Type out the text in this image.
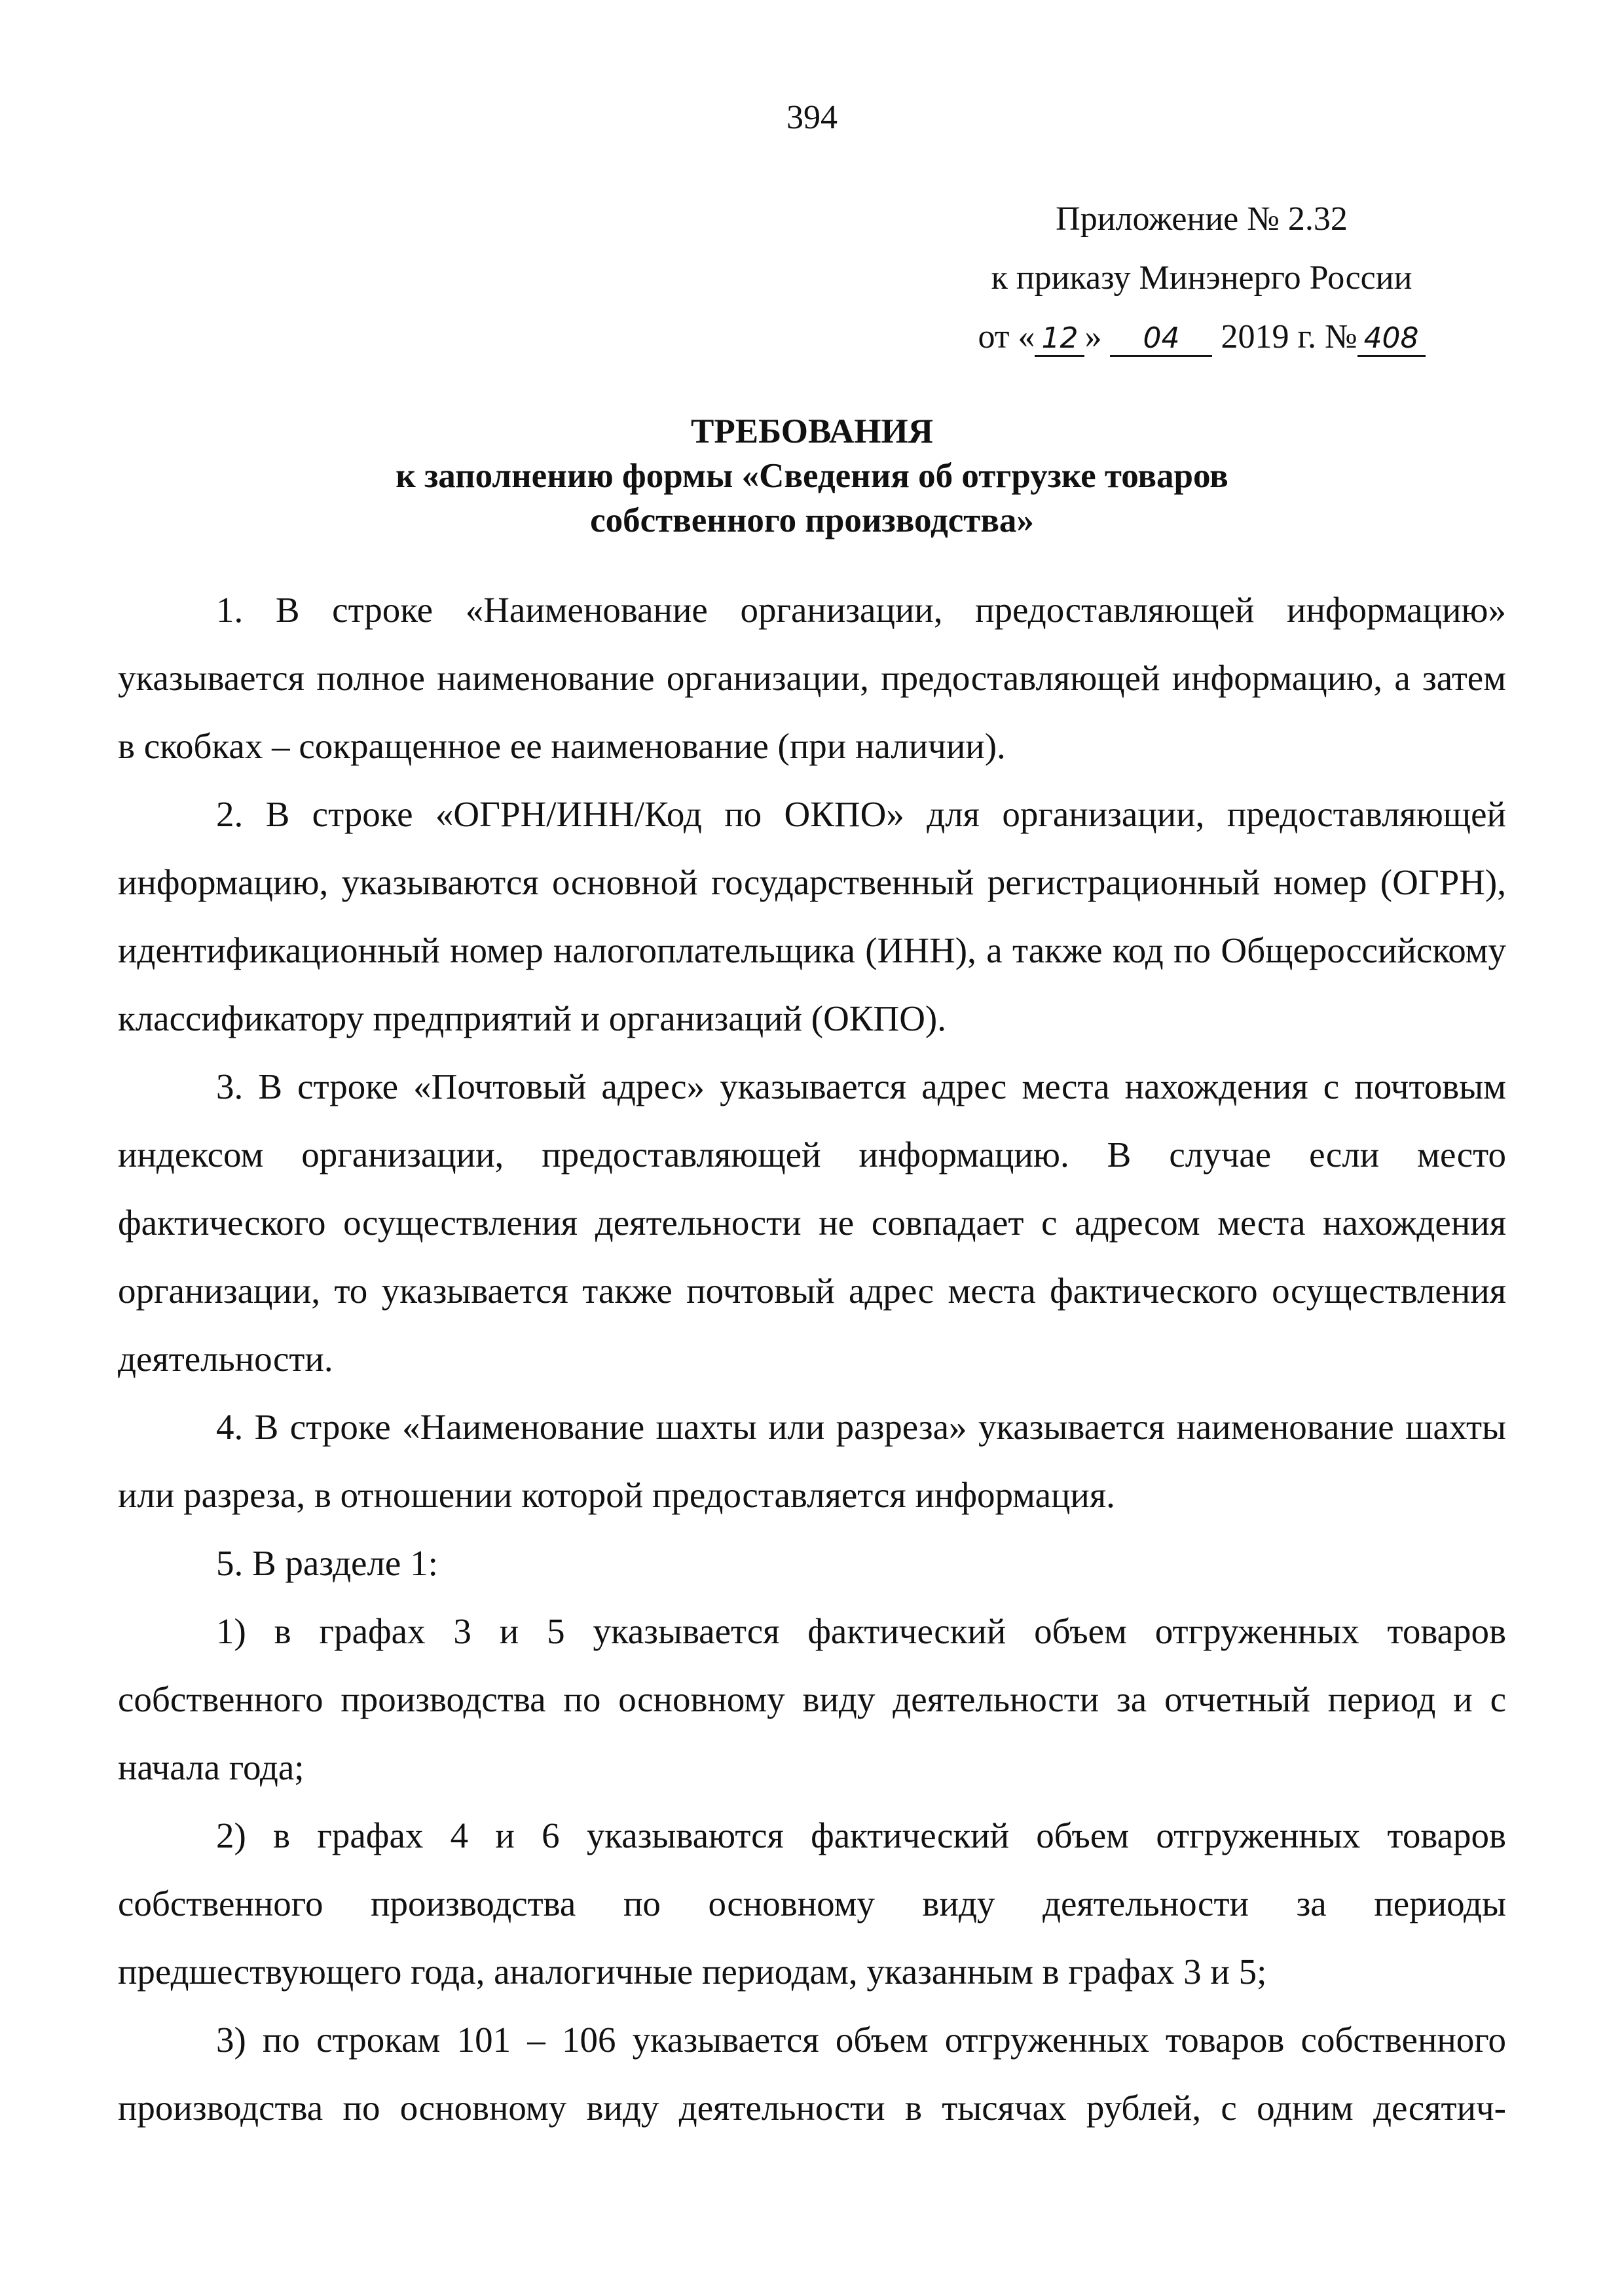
394
Приложение № 2.32
к приказу Минэнерго России
от « 12 » 04 2019 г. № 408
ТРЕБОВАНИЯ
к заполнению формы «Сведения об отгрузке товаров
собственного производства»

1. В строке «Наименование организации, предоставляющей информацию» указывается полное наименование организации, предоставляющей информацию, а затем в скобках – сокращенное ее наименование (при наличии).

2. В строке «ОГРН/ИНН/Код по ОКПО» для организации, предоставляющей информацию, указываются основной государственный регистрационный номер (ОГРН), идентификационный номер налогоплательщика (ИНН), а также код по Общероссийскому классификатору предприятий и организаций (ОКПО).

3. В строке «Почтовый адрес» указывается адрес места нахождения с почтовым индексом организации, предоставляющей информацию. В случае если место фактического осуществления деятельности не совпадает с адресом места нахождения организации, то указывается также почтовый адрес места фактического осуществления деятельности.

4. В строке «Наименование шахты или разреза» указывается наименование шахты или разреза, в отношении которой предоставляется информация.

5. В разделе 1:

1) в графах 3 и 5 указывается фактический объем отгруженных товаров собственного производства по основному виду деятельности за отчетный период и с начала года;

2) в графах 4 и 6 указываются фактический объем отгруженных товаров собственного производства по основному виду деятельности за периоды предшествующего года, аналогичные периодам, указанным в графах 3 и 5;

3) по строкам 101 – 106 указывается объем отгруженных товаров собственного производства по основному виду деятельности в тысячах рублей, с одним десятич-
